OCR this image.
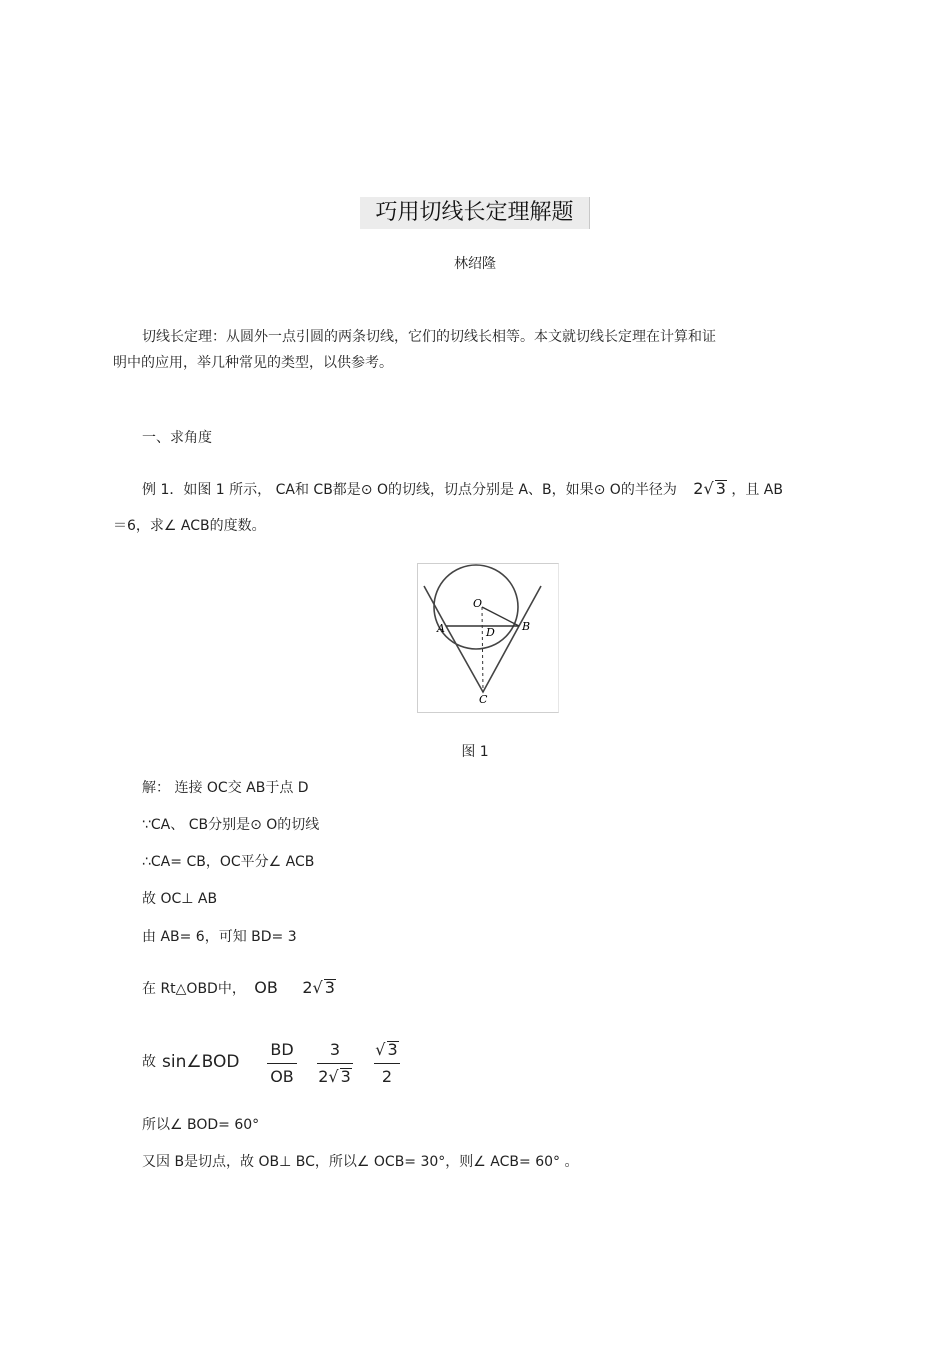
巧用切线长定理解题
林绍隆
切线长定理：从圆外一点引圆的两条切线，它们的切线长相等。本文就切线长定理在计算和证
明中的应用，举几种常见的类型，以供参考。
一、求角度
例 1．如图 1 所示， CA和 CB都是⊙ O的切线，切点分别是 A、B，如果⊙ O的半径为 2√ 3 ，且 AB
＝6，求∠ ACB的度数。
O
A	B
D
C
图 1
解： 连接 OC交 AB于点 D
∵CA、 CB分别是⊙ O的切线
∴CA= CB，OC平分∠ ACB
故 OC⊥ AB
由 AB= 6，可知 BD= 3
在 Rt△OBD中， OB 2√ 3
故 sin∠BOD
BD
OB
3
2√ 3
√ 3
2
所以∠ BOD= 60°
又因 B是切点，故 OB⊥ BC，所以∠ OCB= 30°，则∠ ACB= 60° 。
